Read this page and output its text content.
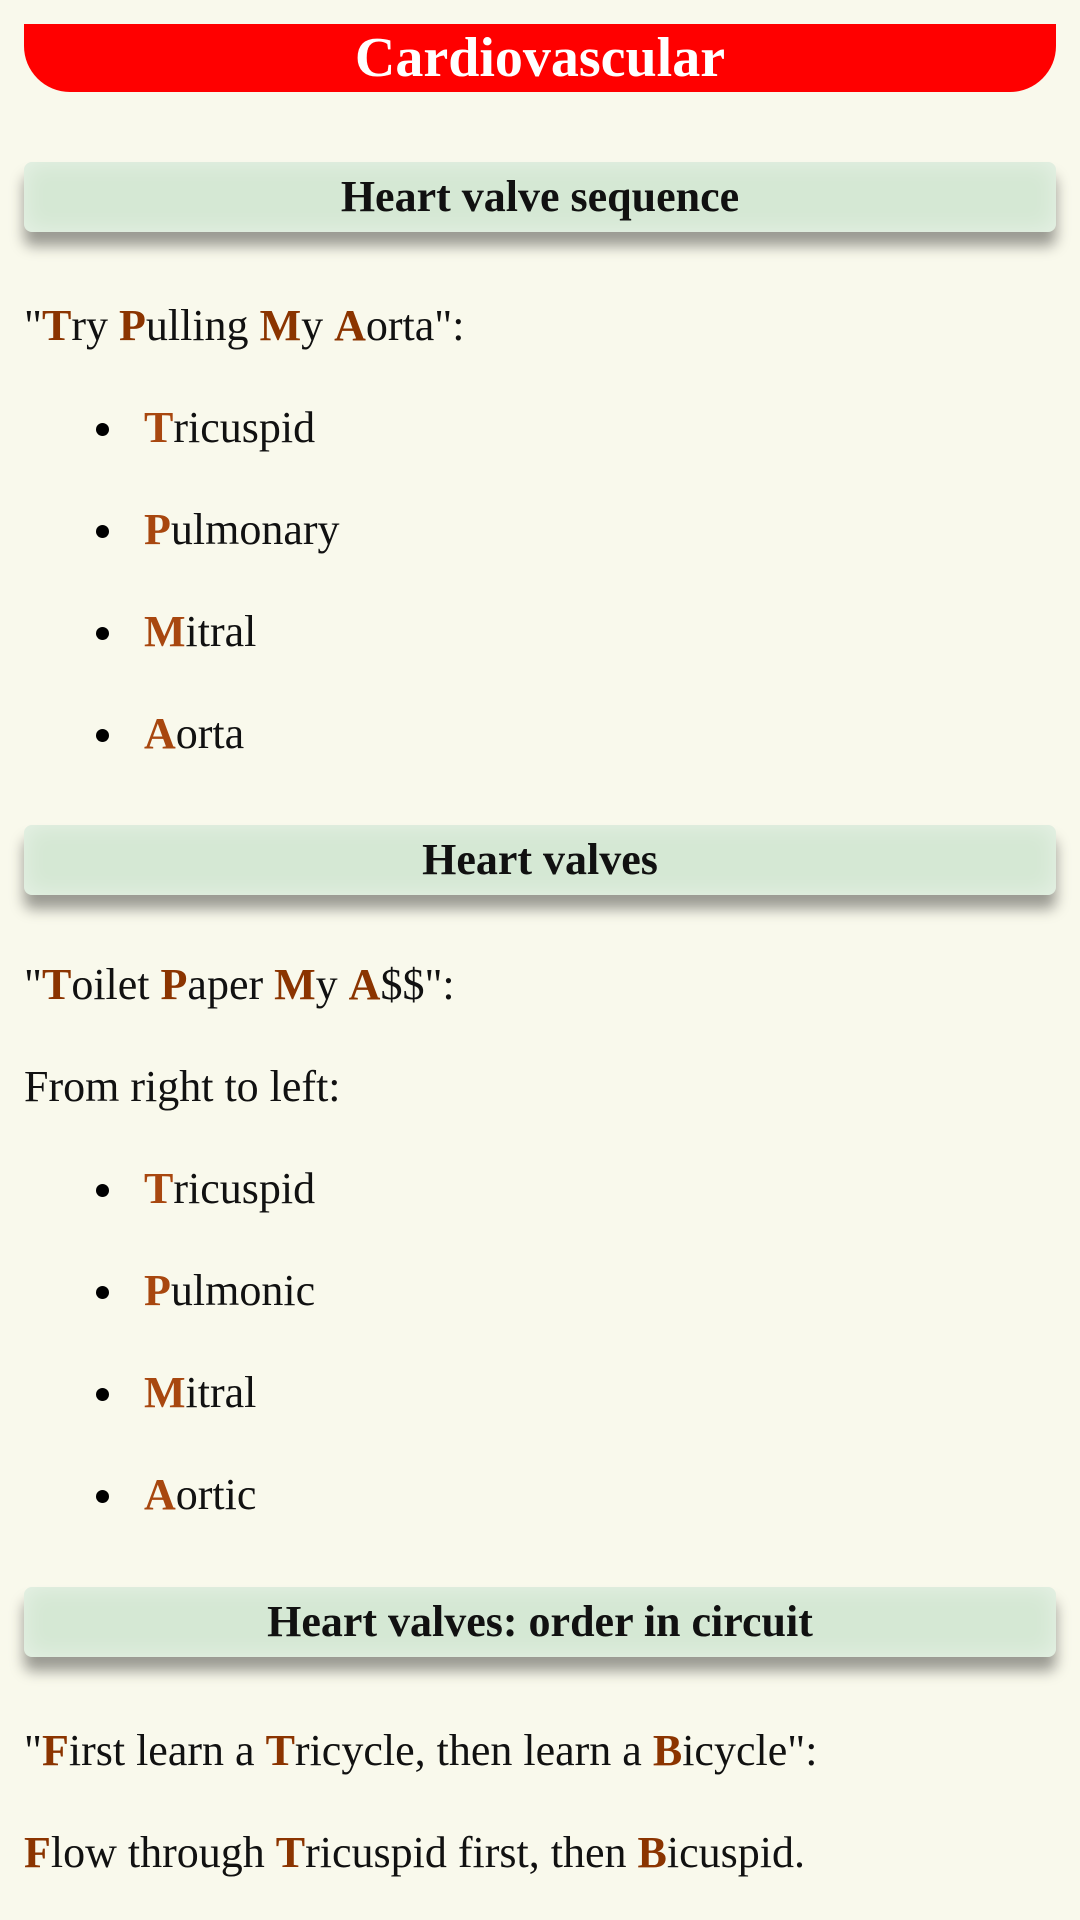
Cardiovascular
Heart valve sequence
"Try Pulling My Aorta":
Tricuspid
Pulmonary
Mitral
Aorta
Heart valves
"Toilet Paper My A$$":
From right to left:
Tricuspid
Pulmonic
Mitral
Aortic
Heart valves: order in circuit
"First learn a Tricycle, then learn a Bicycle":
Flow through Tricuspid first, then Bicuspid.
